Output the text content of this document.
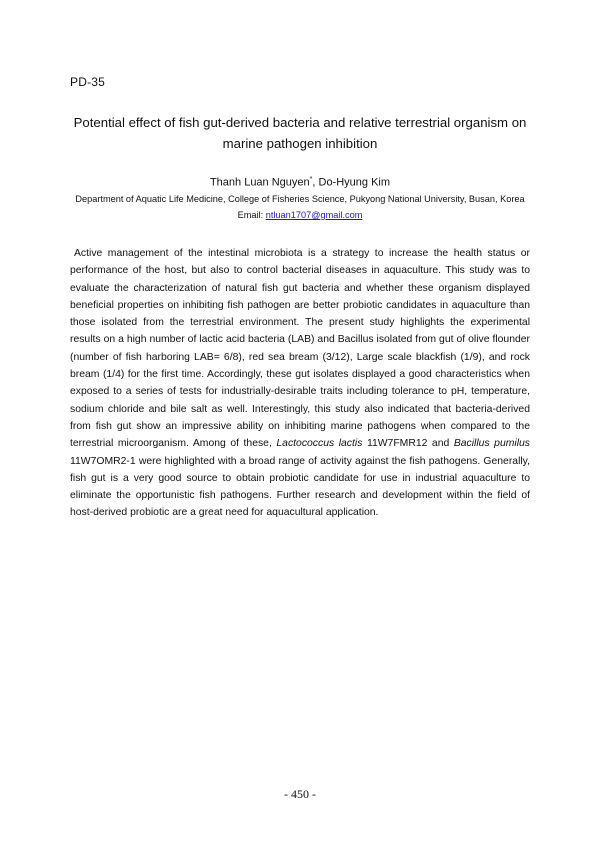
PD-35
Potential effect of fish gut-derived bacteria and relative terrestrial organism on
marine pathogen inhibition
Thanh Luan Nguyen*, Do-Hyung Kim
Department of Aquatic Life Medicine, College of Fisheries Science, Pukyong National University, Busan, Korea
Email: ntluan1707@gmail.com

Active management of the intestinal microbiota is a strategy to increase the health status or performance of the host, but also to control bacterial diseases in aquaculture. This study was to evaluate the characterization of natural fish gut bacteria and whether these organism displayed beneficial properties on inhibiting fish pathogen are better probiotic candidates in aquaculture than those isolated from the terrestrial environment. The present study highlights the experimental results on a high number of lactic acid bacteria (LAB) and Bacillus isolated from gut of olive flounder (number of fish harboring LAB= 6/8), red sea bream (3/12), Large scale blackfish (1/9), and rock bream (1/4) for the first time. Accordingly, these gut isolates displayed a good characteristics when exposed to a series of tests for industrially-desirable traits including tolerance to pH, temperature, sodium chloride and bile salt as well. Interestingly, this study also indicated that bacteria-derived from fish gut show an impressive ability on inhibiting marine pathogens when compared to the terrestrial microorganism. Among of these, Lactococcus lactis 11W7FMR12 and Bacillus pumilus 11W7OMR2-1 were highlighted with a broad range of activity against the fish pathogens. Generally, fish gut is a very good source to obtain probiotic candidate for use in industrial aquaculture to eliminate the opportunistic fish pathogens. Further research and development within the field of host-derived probiotic are a great need for aquacultural application.

- 450 -
